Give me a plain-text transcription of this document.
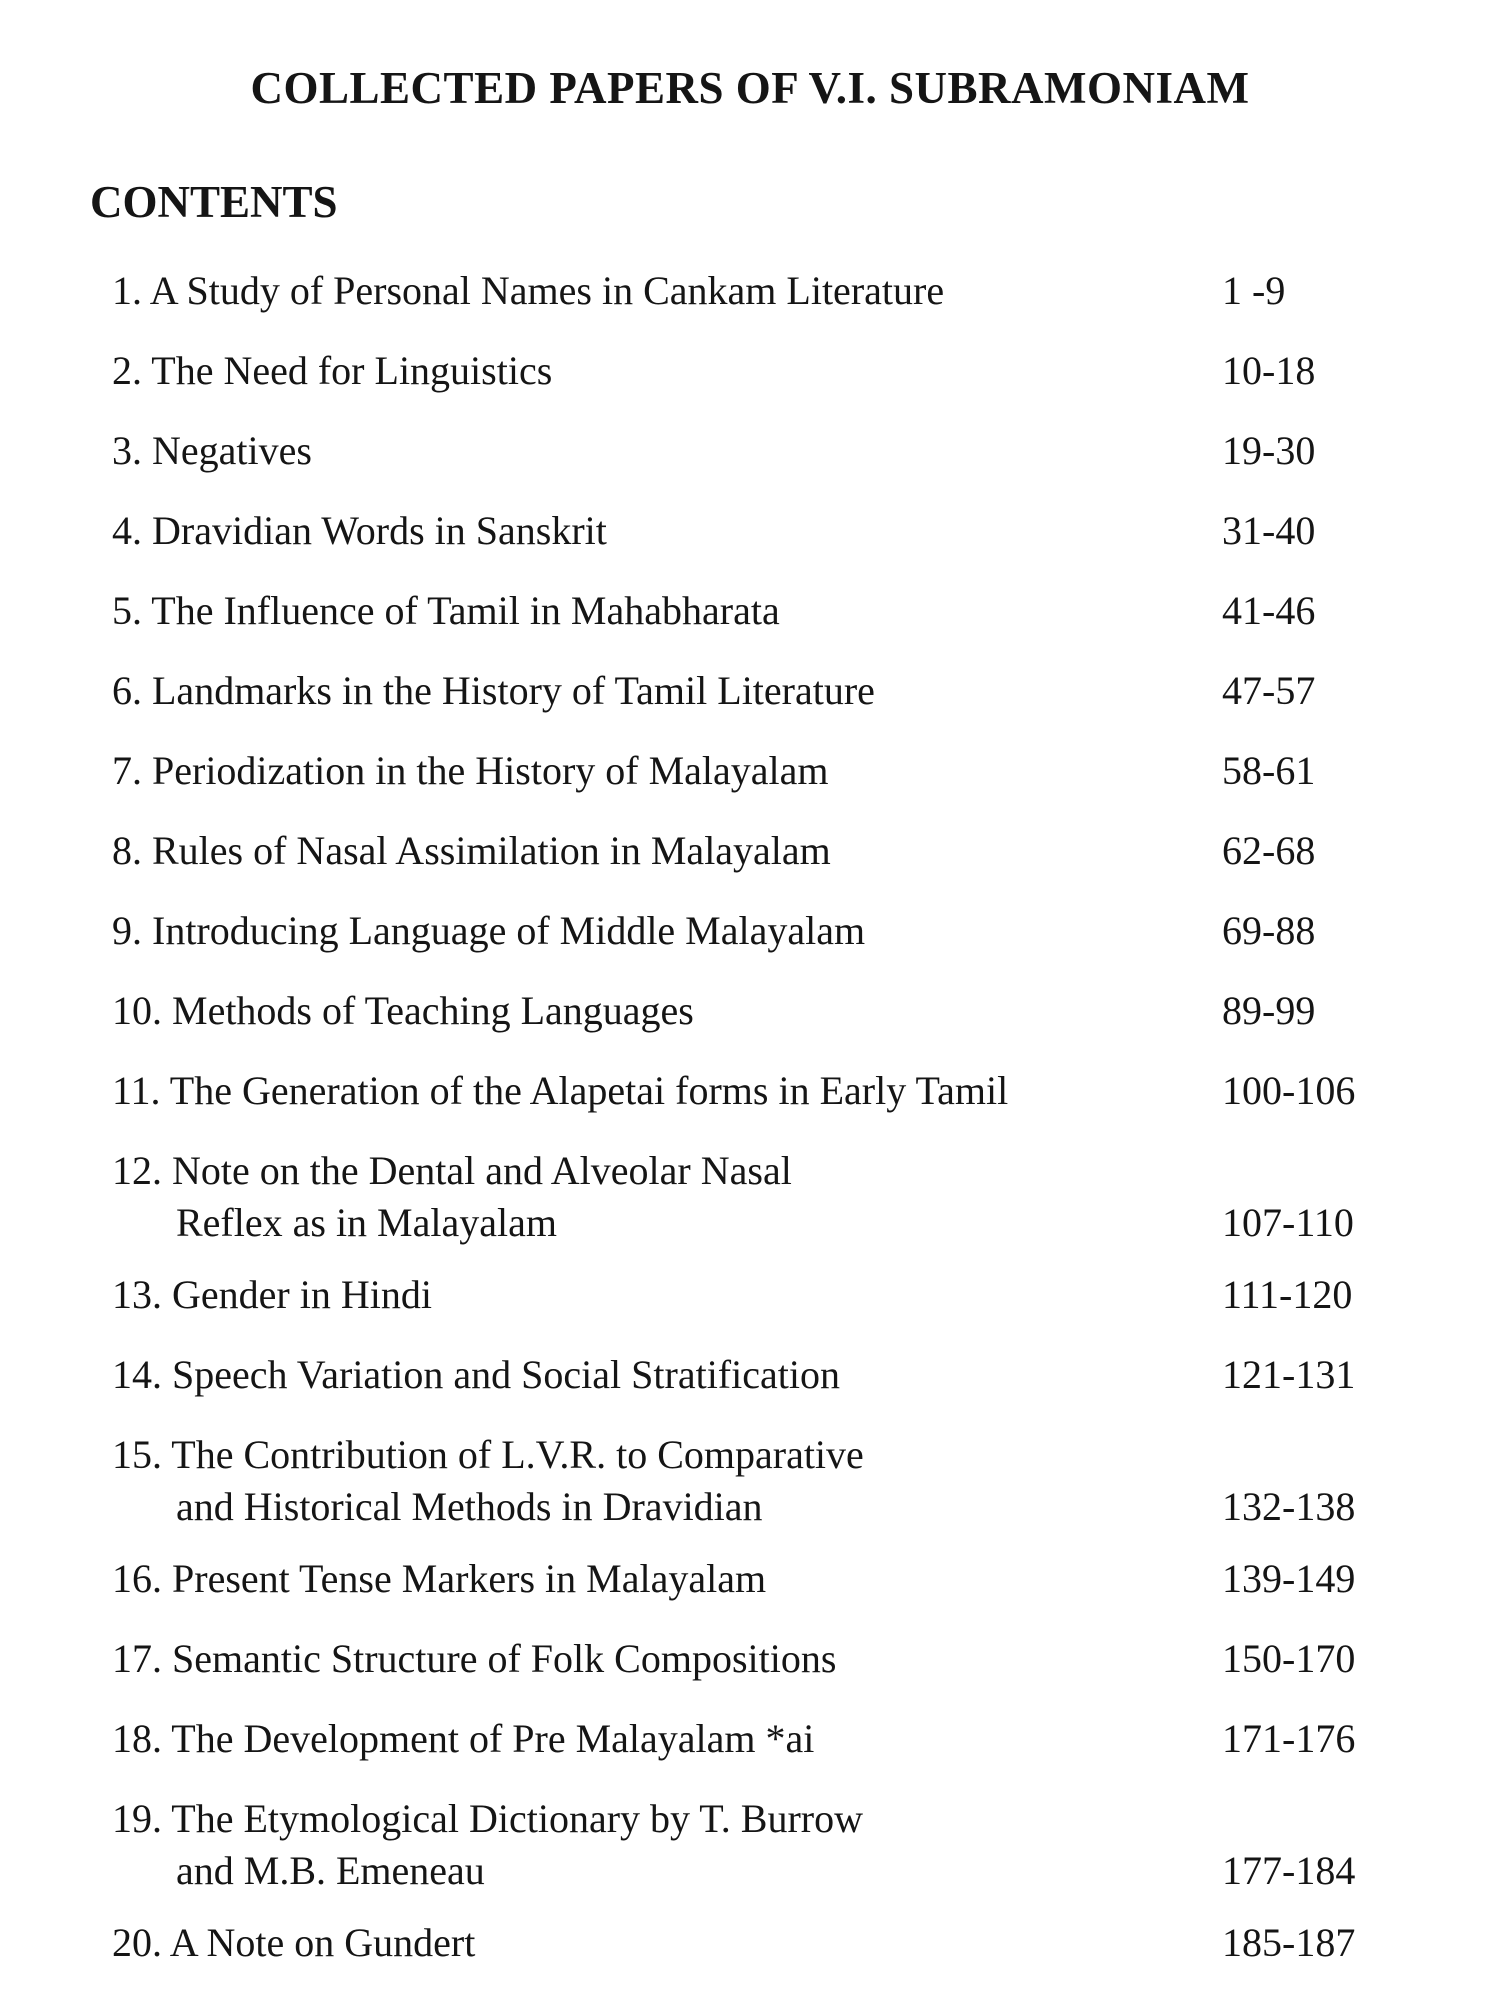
COLLECTED PAPERS OF V.I. SUBRAMONIAM
CONTENTS
1. A Study of Personal Names in Cankam Literature	1 -9
2. The Need for Linguistics	10-18
3. Negatives	19-30
4. Dravidian Words in Sanskrit	31-40
5. The Influence of Tamil in Mahabharata	41-46
6. Landmarks in the History of Tamil Literature	47-57
7. Periodization in the History of Malayalam	58-61
8. Rules of Nasal Assimilation in Malayalam	62-68
9. Introducing Language of Middle Malayalam	69-88
10. Methods of Teaching Languages	89-99
11. The Generation of the Alapetai forms in Early Tamil	100-106
12. Note on the Dental and Alveolar Nasal
Reflex as in Malayalam	107-110
13. Gender in Hindi	111-120
14. Speech Variation and Social Stratification	121-131
15. The Contribution of L.V.R. to Comparative
and Historical Methods in Dravidian	132-138
16. Present Tense Markers in Malayalam	139-149
17. Semantic Structure of Folk Compositions	150-170
18. The Development of Pre Malayalam *ai	171-176
19. The Etymological Dictionary by T. Burrow
and M.B. Emeneau	177-184
20. A Note on Gundert	185-187
